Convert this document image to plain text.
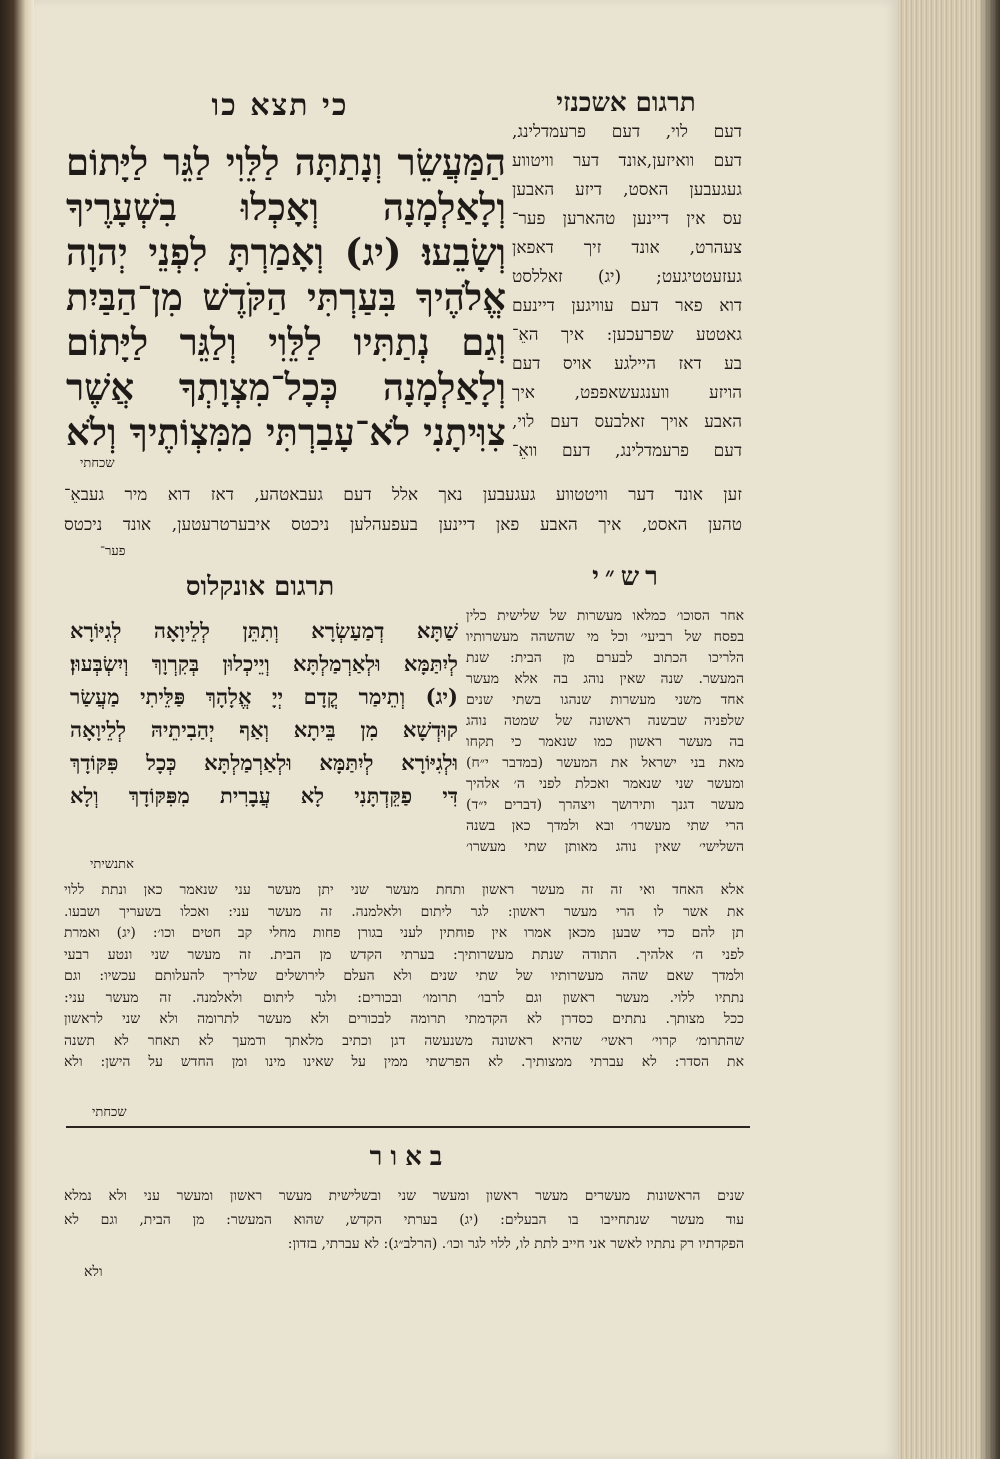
תרגום אשכנזי
כי תצא כו
הַמַּעֲשֵׂר וְנָתַתָּה לַלֵּוִי לַגֵּר לַיָּתוֹם
וְלָאַלְמָנָה וְאָכְלוּ בִשְׁעָרֶיךָ
וְשָׂבֵעוּ׃ (יג) וְאָמַרְתָּ לִפְנֵי יְהוָה
אֱלֹהֶיךָ בִּעַרְתִּי הַקֹּדֶשׁ מִן־הַבַּיִת
וְגַם נְתַתִּיו לַלֵּוִי וְלַגֵּר לַיָּתוֹם
וְלָאַלְמָנָה כְּכָל־מִצְוָתְךָ אֲשֶׁר
צִוִּיתָנִי לֹא־עָבַרְתִּי מִמִּצְוֹתֶיךָ וְלֹא
שכחתי
דעם לוי, דעם פרעמדלינג,
דעם וואיזען,אונד דער וויטווע
געגעבען האסט, דיזע האבען
עס אין דיינען טהארען פער־
צעהרט, אונד זיך דאפאן
געזעטטיגעט; (יג) זאללסט
דוא פאר דעם עוויגען דיינעם
גאטטע שפרעכען: איך האֵ־
בע דאז היילגע אויס דעם
הויזע ווענגעשאפפט, איך
האבע אויך זאלבעס דעם לוי,
דעם פרעמדלינג, דעם וואֵ־
זען אונד דער וויטטווע געגעבען נאך אלל דעם געבאטהע, דאז דוא מיר געבאֵ־
טהען האסט, איך האבע פאן דיינען בעפעהלען ניכטס איבערטרעטען, אונד ניכטס
פער־
רש״י
תרגום אונקלוס
אחר הסוכו׳ כמלאו מעשרות של שלישית כלין
בפסח של רביעי׳ וכל מי שהשהה מעשרותיו
הלריכו הכתוב לבערם מן הבית: שנת
המעשר. שנה שאין נוהג בה אלא מעשר
אחד משני מעשרות שנהגו בשתי שנים
שלפניה שבשנה ראשונה של שמטה נוהג
בה מעשר ראשון כמו שנאמר כי תקחו
מאת בני ישראל את המעשר (במדבר י״ח)
ומעשר שני שנאמר ואכלת לפני ה׳ אלהיך
מעשר דגנך ותירושך ויצהרך (דברים י״ד)
הרי שתי מעשרו׳ ובא ולמדך כאן בשנה
השלישי׳ שאין נוהג מאותן שתי מעשרו׳
שַׁתָּא דְמַעַשְׂרָא וְתִתֵּן לְלֵיוָאָה לְגִיּוֹרָא
לְיִתַּמָּא וּלְאַרְמַלְתָּא וְיֵיכְלוּן בְּקִרְוָךְ וְיִשְׂבְּעוּן׃
(יג) וְתֵימַר קֳדָם יְיָ אֱלָהָךְ פַּלֵּיתִי מַעֲשַׂר
קוּדְשָׁא מִן בֵּיתָא וְאַף יְהַבִיתֵיהּ לְלֵיוָאָה
וּלְגִיּוֹרָא לְיִתַּמָּא וּלְאַרְמַלְתָּא כְּכָל פִּקּוֹדָךְ
דִּי פַקֵּדְתָּנִי לָא עֲבָרִית מִפִּקּוֹדָךְ וְלָא
אתנשיתי
אלא האחד ואי זה זה מעשר ראשון ותחת מעשר שני יתן מעשר עני שנאמר כאן ונתת ללוי
את אשר לו הרי מעשר ראשון: לגר ליתום ולאלמנה. זה מעשר עני: ואכלו בשעריך ושבעו.
תן להם כדי שבען מכאן אמרו אין פוחתין לעני בגורן פחות מחלי קב חטים וכו׳: (יג) ואמרת
לפני ה׳ אלהיך. התודה שנתת מעשרותיך: בערתי הקדש מן הבית. זה מעשר שני ונטע רבעי
ולמדך שאם שהה מעשרותיו של שתי שנים ולא העלם לירושלים שלריך להעלותם עכשיו: וגם
נתתיו ללוי. מעשר ראשון וגם לרבו׳ תרומו׳ ובכורים: ולגר ליתום ולאלמנה. זה מעשר עני:
ככל מצותך. נתתים כסדרן לא הקדמתי תרומה לבכורים ולא מעשר לתרומה ולא שני לראשון
שהתרומ׳ קרוי׳ ראשי׳ שהיא ראשונה משנעשה דגן וכתיב מלאתך ודמעך לא תאחר לא תשנה
את הסדר: לא עברתי ממצותיך. לא הפרשתי ממין על שאינו מינו ומן החדש על הישן: ולא
שכחתי
באור
שנים הראשונות מעשרים מעשר ראשון ומעשר שני ובשלישית מעשר ראשון ומעשר עני ולא נמלא
עוד מעשר שנתחייבו בו הבעלים: (יג) בערתי הקדש, שהוא המעשר: מן הבית, וגם לא
הפקדתיו רק נתתיו לאשר אני חייב לתת לו, ללוי לגר וכו׳. (הרלב״ג): לא עברתי, בזדון:
ולא
